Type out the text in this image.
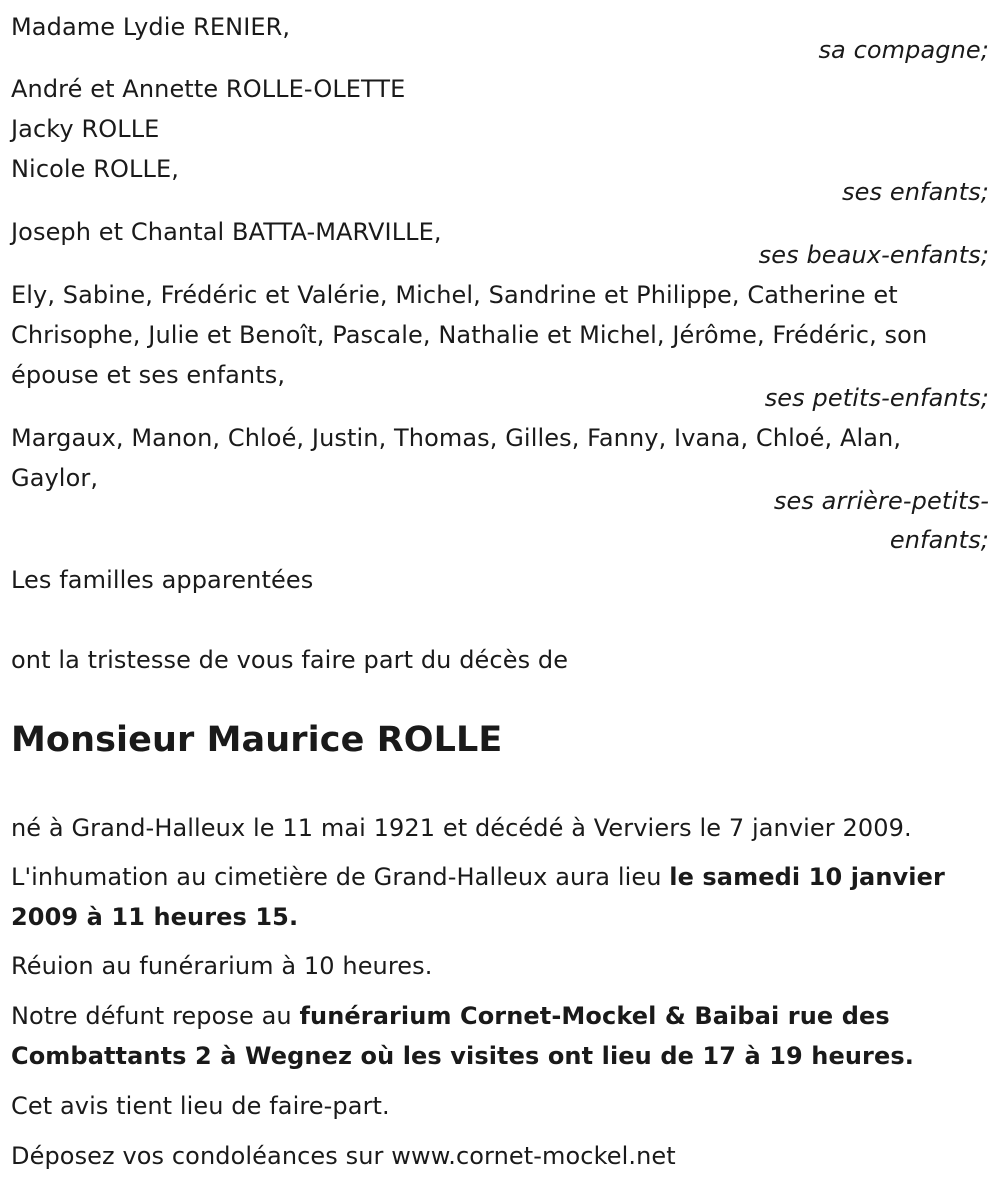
Madame Lydie RENIER,
sa compagne;
André et Annette ROLLE-OLETTE
Jacky ROLLE
Nicole ROLLE,
ses enfants;
Joseph et Chantal BATTA-MARVILLE,
ses beaux-enfants;
Ely, Sabine, Frédéric et Valérie, Michel, Sandrine et Philippe, Catherine et Chrisophe, Julie et Benoît, Pascale, Nathalie et Michel, Jérôme, Frédéric, son épouse et ses enfants,
ses petits-enfants;
Margaux, Manon, Chloé, Justin, Thomas, Gilles, Fanny, Ivana, Chloé, Alan, Gaylor,
ses arrière-petits-
enfants;
Les familles apparentées
ont la tristesse de vous faire part du décès de
Monsieur Maurice ROLLE
né à Grand-Halleux le 11 mai 1921 et décédé à Verviers le 7 janvier 2009.
L'inhumation au cimetière de Grand-Halleux aura lieu le samedi 10 janvier 2009 à 11 heures 15.
Réuion au funérarium à 10 heures.
Notre défunt repose au funérarium Cornet-Mockel & Baibai rue des Combattants 2 à Wegnez où les visites ont lieu de 17 à 19 heures.
Cet avis tient lieu de faire-part.
Déposez vos condoléances sur www.cornet-mockel.net
